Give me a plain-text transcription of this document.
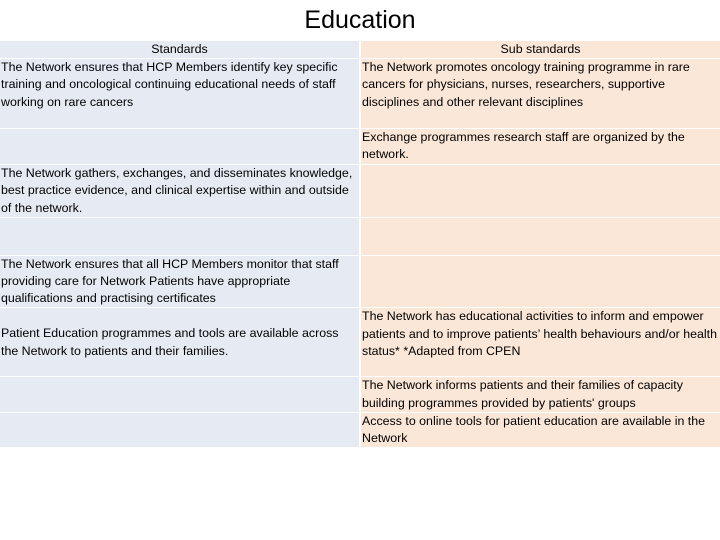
Education
Standards	Sub standards
The Network ensures that HCP Members identify key specific training and oncological continuing educational needs of staff working on rare cancers	The Network promotes oncology training programme in rare cancers for physicians, nurses, researchers, supportive disciplines and other relevant disciplines
	Exchange programmes research staff are organized by the network.
The Network gathers, exchanges, and disseminates knowledge, best practice evidence, and clinical expertise within and outside of the network.	

The Network ensures that all HCP Members monitor that staff providing care for Network Patients have appropriate qualifications and practising certificates	
Patient Education programmes and tools are available across the Network to patients and their families.	The Network has educational activities to inform and empower patients and to improve patients’ health behaviours and/or health status* *Adapted from CPEN
	The Network informs patients and their families of capacity building programmes provided by patients' groups
	Access to online tools for patient education are available in the Network
